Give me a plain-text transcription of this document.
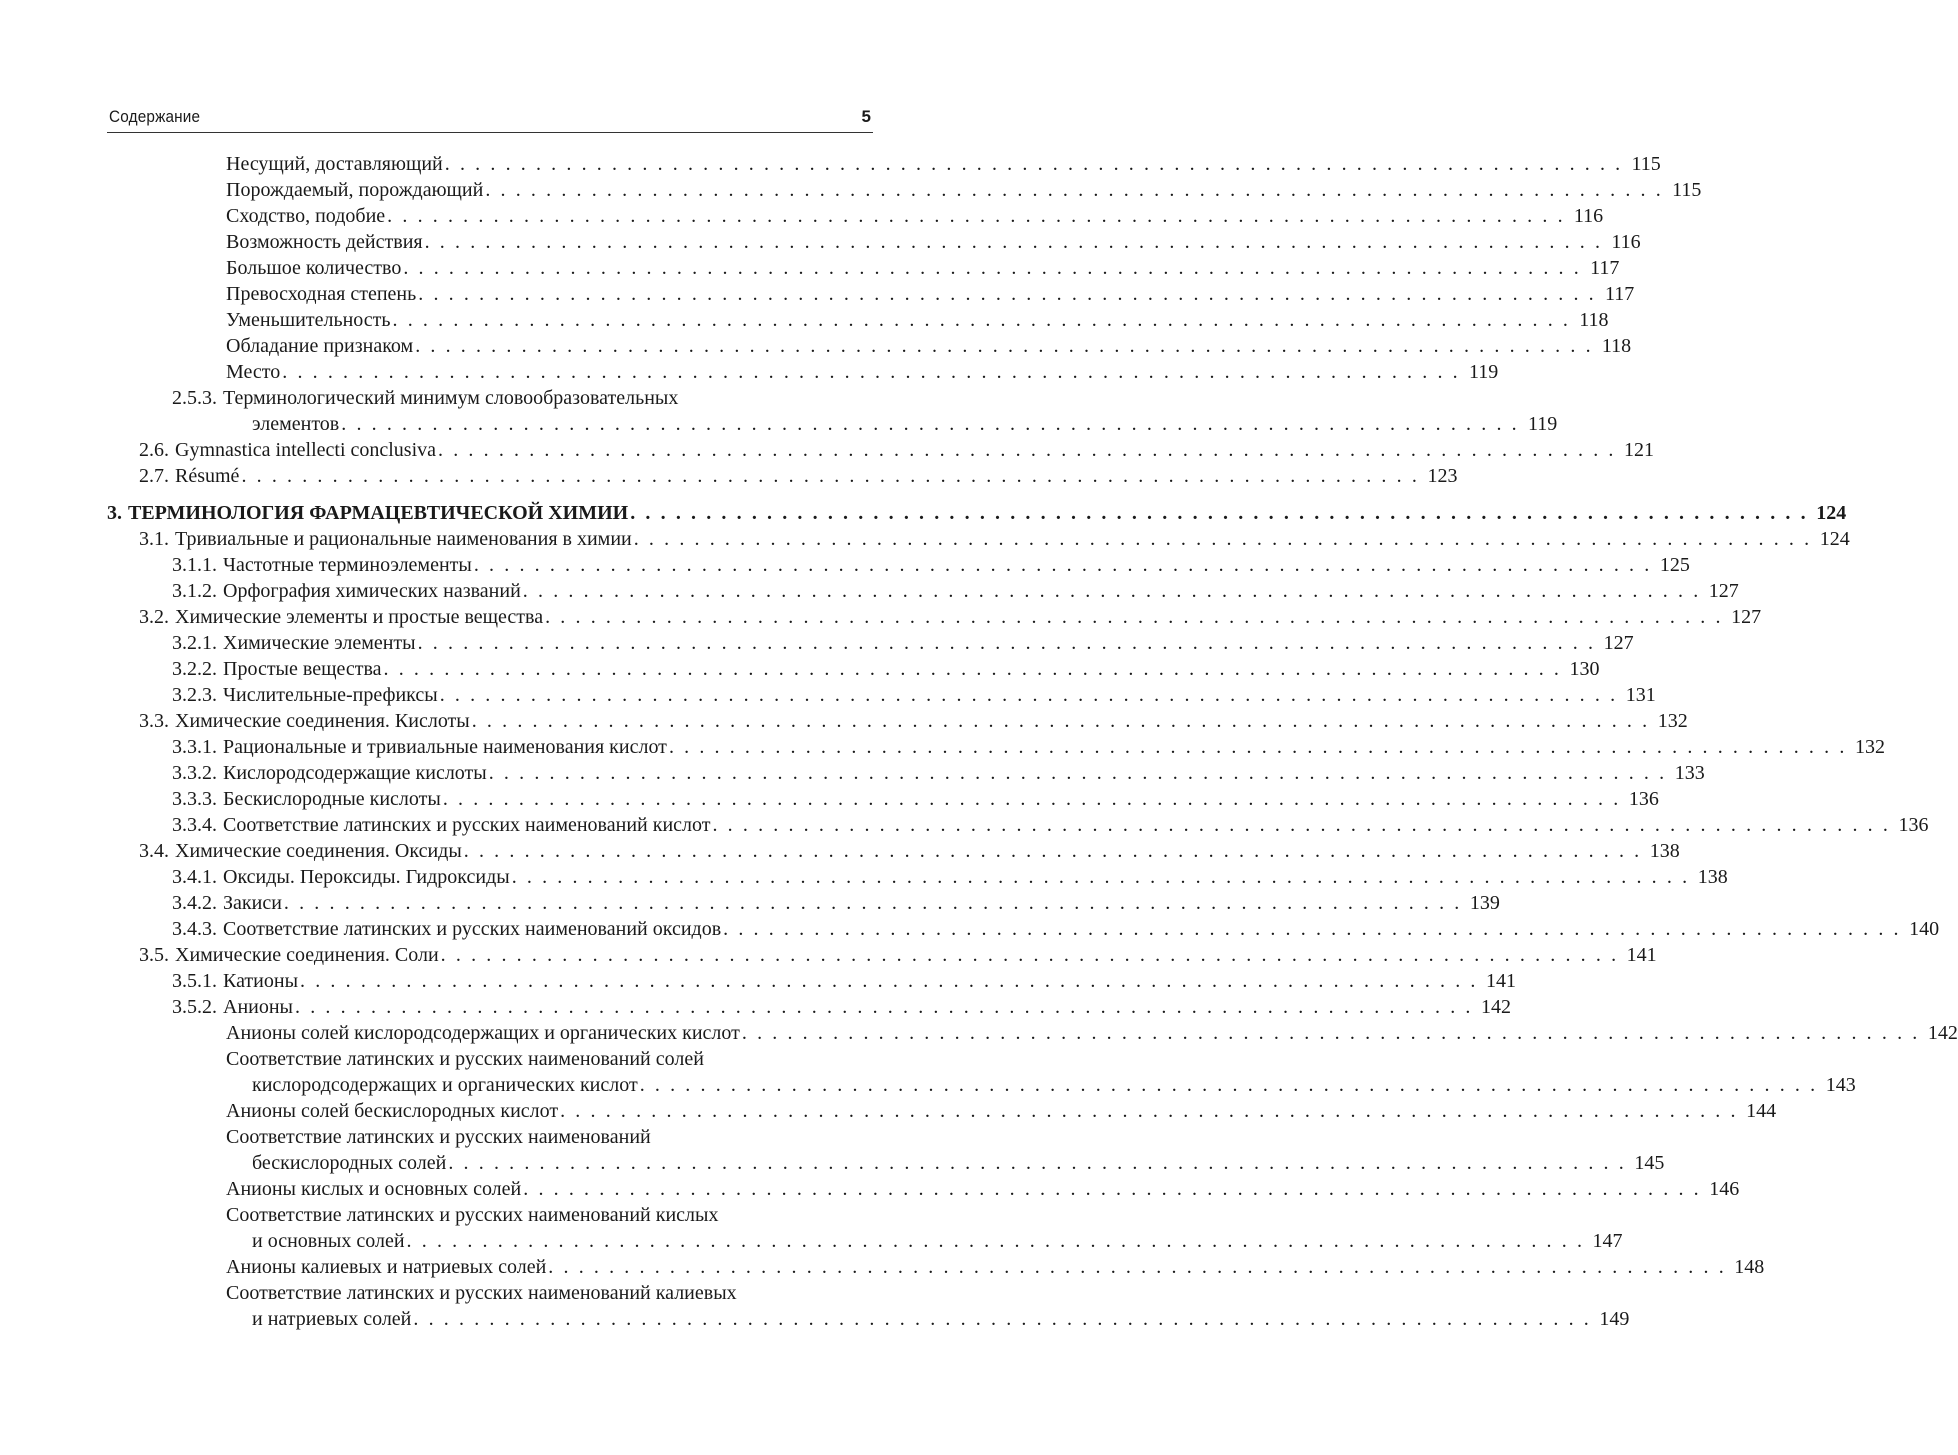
Содержание	5
Несущий, доставляющий . . . . . . . . . . . . . . . . . . . . . . . . . . . . . . . . . . . . . . . . . . . . . . . . . . . . . . . . . . . . . . . . . . . . . . . . . . . . . . 115
Порождаемый, порождающий . . . . . . . . . . . . . . . . . . . . . . . . . . . . . . . . . . . . . . . . . . . . . . . . . . . . . . . . . . . . . . . . . . . . . . . . . . . . . . 115
Сходство, подобие . . . . . . . . . . . . . . . . . . . . . . . . . . . . . . . . . . . . . . . . . . . . . . . . . . . . . . . . . . . . . . . . . . . . . . . . . . . . . . 116
Возможность действия . . . . . . . . . . . . . . . . . . . . . . . . . . . . . . . . . . . . . . . . . . . . . . . . . . . . . . . . . . . . . . . . . . . . . . . . . . . . . . 116
Большое количество . . . . . . . . . . . . . . . . . . . . . . . . . . . . . . . . . . . . . . . . . . . . . . . . . . . . . . . . . . . . . . . . . . . . . . . . . . . . . . 117
Превосходная степень . . . . . . . . . . . . . . . . . . . . . . . . . . . . . . . . . . . . . . . . . . . . . . . . . . . . . . . . . . . . . . . . . . . . . . . . . . . . . . 117
Уменьшительность . . . . . . . . . . . . . . . . . . . . . . . . . . . . . . . . . . . . . . . . . . . . . . . . . . . . . . . . . . . . . . . . . . . . . . . . . . . . . . 118
Обладание признаком . . . . . . . . . . . . . . . . . . . . . . . . . . . . . . . . . . . . . . . . . . . . . . . . . . . . . . . . . . . . . . . . . . . . . . . . . . . . . . 118
Место . . . . . . . . . . . . . . . . . . . . . . . . . . . . . . . . . . . . . . . . . . . . . . . . . . . . . . . . . . . . . . . . . . . . . . . . . . . . . . 119
2.5.3. Терминологический минимум словообразовательных
элементов . . . . . . . . . . . . . . . . . . . . . . . . . . . . . . . . . . . . . . . . . . . . . . . . . . . . . . . . . . . . . . . . . . . . . . . . . . . . . . 119
2.6. Gymnastica intellecti conclusiva . . . . . . . . . . . . . . . . . . . . . . . . . . . . . . . . . . . . . . . . . . . . . . . . . . . . . . . . . . . . . . . . . . . . . . . . . . . . . . 121
2.7. Résumé . . . . . . . . . . . . . . . . . . . . . . . . . . . . . . . . . . . . . . . . . . . . . . . . . . . . . . . . . . . . . . . . . . . . . . . . . . . . . . 123
3. ТЕРМИНОЛОГИЯ ФАРМАЦЕВТИЧЕСКОЙ ХИМИИ . . . . . . . . . . . . . . . . . . . . . . . . . . . . . . . . . . . . . . . . . . . . . . . . . . . . . . . . . . . . . . . . . . . . . . . . . . . . . . 124
3.1. Тривиальные и рациональные наименования в химии . . . . . . . . . . . . . . . . . . . . . . . . . . . . . . . . . . . . . . . . . . . . . . . . . . . . . . . . . . . . . . . . . . . . . . . . . . . . . . 124
3.1.1. Частотные терминоэлементы . . . . . . . . . . . . . . . . . . . . . . . . . . . . . . . . . . . . . . . . . . . . . . . . . . . . . . . . . . . . . . . . . . . . . . . . . . . . . . 125
3.1.2. Орфография химических названий . . . . . . . . . . . . . . . . . . . . . . . . . . . . . . . . . . . . . . . . . . . . . . . . . . . . . . . . . . . . . . . . . . . . . . . . . . . . . . 127
3.2. Химические элементы и простые вещества . . . . . . . . . . . . . . . . . . . . . . . . . . . . . . . . . . . . . . . . . . . . . . . . . . . . . . . . . . . . . . . . . . . . . . . . . . . . . . 127
3.2.1. Химические элементы . . . . . . . . . . . . . . . . . . . . . . . . . . . . . . . . . . . . . . . . . . . . . . . . . . . . . . . . . . . . . . . . . . . . . . . . . . . . . . 127
3.2.2. Простые вещества . . . . . . . . . . . . . . . . . . . . . . . . . . . . . . . . . . . . . . . . . . . . . . . . . . . . . . . . . . . . . . . . . . . . . . . . . . . . . . 130
3.2.3. Числительные-префиксы . . . . . . . . . . . . . . . . . . . . . . . . . . . . . . . . . . . . . . . . . . . . . . . . . . . . . . . . . . . . . . . . . . . . . . . . . . . . . . 131
3.3. Химические соединения. Кислоты . . . . . . . . . . . . . . . . . . . . . . . . . . . . . . . . . . . . . . . . . . . . . . . . . . . . . . . . . . . . . . . . . . . . . . . . . . . . . . 132
3.3.1. Рациональные и тривиальные наименования кислот . . . . . . . . . . . . . . . . . . . . . . . . . . . . . . . . . . . . . . . . . . . . . . . . . . . . . . . . . . . . . . . . . . . . . . . . . . . . . . 132
3.3.2. Кислородсодержащие кислоты . . . . . . . . . . . . . . . . . . . . . . . . . . . . . . . . . . . . . . . . . . . . . . . . . . . . . . . . . . . . . . . . . . . . . . . . . . . . . . 133
3.3.3. Бескислородные кислоты . . . . . . . . . . . . . . . . . . . . . . . . . . . . . . . . . . . . . . . . . . . . . . . . . . . . . . . . . . . . . . . . . . . . . . . . . . . . . . 136
3.3.4. Соответствие латинских и русских наименований кислот . . . . . . . . . . . . . . . . . . . . . . . . . . . . . . . . . . . . . . . . . . . . . . . . . . . . . . . . . . . . . . . . . . . . . . . . . . . . . . 136
3.4. Химические соединения. Оксиды . . . . . . . . . . . . . . . . . . . . . . . . . . . . . . . . . . . . . . . . . . . . . . . . . . . . . . . . . . . . . . . . . . . . . . . . . . . . . . 138
3.4.1. Оксиды. Пероксиды. Гидроксиды . . . . . . . . . . . . . . . . . . . . . . . . . . . . . . . . . . . . . . . . . . . . . . . . . . . . . . . . . . . . . . . . . . . . . . . . . . . . . . 138
3.4.2. Закиси . . . . . . . . . . . . . . . . . . . . . . . . . . . . . . . . . . . . . . . . . . . . . . . . . . . . . . . . . . . . . . . . . . . . . . . . . . . . . . 139
3.4.3. Соответствие латинских и русских наименований оксидов . . . . . . . . . . . . . . . . . . . . . . . . . . . . . . . . . . . . . . . . . . . . . . . . . . . . . . . . . . . . . . . . . . . . . . . . . . . . . . 140
3.5. Химические соединения. Соли . . . . . . . . . . . . . . . . . . . . . . . . . . . . . . . . . . . . . . . . . . . . . . . . . . . . . . . . . . . . . . . . . . . . . . . . . . . . . . 141
3.5.1. Катионы . . . . . . . . . . . . . . . . . . . . . . . . . . . . . . . . . . . . . . . . . . . . . . . . . . . . . . . . . . . . . . . . . . . . . . . . . . . . . . 141
3.5.2. Анионы . . . . . . . . . . . . . . . . . . . . . . . . . . . . . . . . . . . . . . . . . . . . . . . . . . . . . . . . . . . . . . . . . . . . . . . . . . . . . . 142
Анионы солей кислородсодержащих и органических кислот . . . . . . . . . . . . . . . . . . . . . . . . . . . . . . . . . . . . . . . . . . . . . . . . . . . . . . . . . . . . . . . . . . . . . . . . . . . . . . 142
Соответствие латинских и русских наименований солей
кислородсодержащих и органических кислот . . . . . . . . . . . . . . . . . . . . . . . . . . . . . . . . . . . . . . . . . . . . . . . . . . . . . . . . . . . . . . . . . . . . . . . . . . . . . . 143
Анионы солей бескислородных кислот . . . . . . . . . . . . . . . . . . . . . . . . . . . . . . . . . . . . . . . . . . . . . . . . . . . . . . . . . . . . . . . . . . . . . . . . . . . . . . 144
Соответствие латинских и русских наименований
бескислородных солей . . . . . . . . . . . . . . . . . . . . . . . . . . . . . . . . . . . . . . . . . . . . . . . . . . . . . . . . . . . . . . . . . . . . . . . . . . . . . . 145
Анионы кислых и основных солей . . . . . . . . . . . . . . . . . . . . . . . . . . . . . . . . . . . . . . . . . . . . . . . . . . . . . . . . . . . . . . . . . . . . . . . . . . . . . . 146
Соответствие латинских и русских наименований кислых
и основных солей . . . . . . . . . . . . . . . . . . . . . . . . . . . . . . . . . . . . . . . . . . . . . . . . . . . . . . . . . . . . . . . . . . . . . . . . . . . . . . 147
Анионы калиевых и натриевых солей . . . . . . . . . . . . . . . . . . . . . . . . . . . . . . . . . . . . . . . . . . . . . . . . . . . . . . . . . . . . . . . . . . . . . . . . . . . . . . 148
Соответствие латинских и русских наименований калиевых
и натриевых солей . . . . . . . . . . . . . . . . . . . . . . . . . . . . . . . . . . . . . . . . . . . . . . . . . . . . . . . . . . . . . . . . . . . . . . . . . . . . . . 149
